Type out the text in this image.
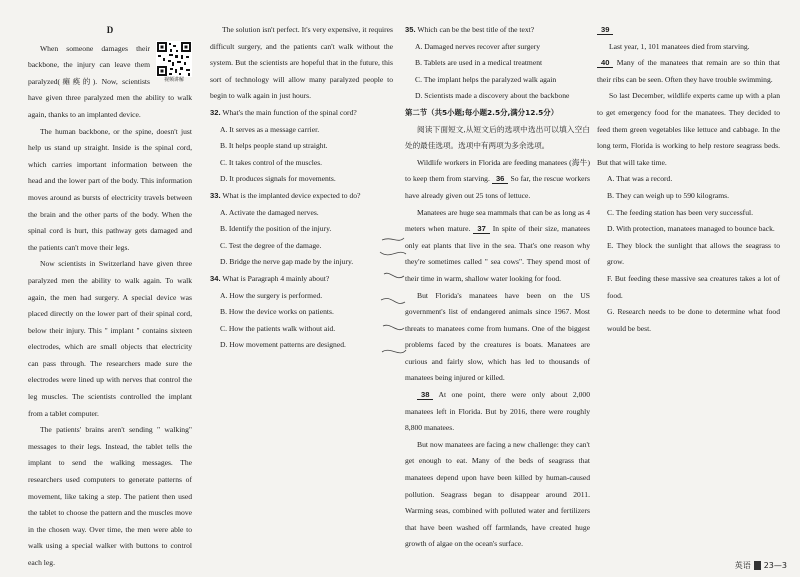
D
视频讲解

When someone damages their backbone, the injury can leave them paralyzed(瘫痪的). Now, scientists have given three paralyzed men the ability to walk again, thanks to an implanted device.

The human backbone, or the spine, doesn't just help us stand up straight. Inside is the spinal cord, which carries important information between the head and the lower part of the body. This information moves around as bursts of electricity travels between the brain and the other parts of the body. When the spinal cord is hurt, this pathway gets damaged and the patients can't move their legs.

Now scientists in Switzerland have given three paralyzed men the ability to walk again. To walk again, the men had surgery. A special device was placed directly on the lower part of their spinal cord, below their injury. This " implant " contains sixteen electrodes, which are small objects that electricity can pass through. The researchers made sure the electrodes were lined up with nerves that control the leg muscles. The scientists controlled the implant from a tablet computer.

The patients' brains aren't sending " walking" messages to their legs. Instead, the tablet tells the implant to send the walking messages. The researchers used computers to generate patterns of movement, like taking a step. The patient then used the tablet to choose the pattern and the muscles move in the chosen way. Over time, the men were able to walk using a special walker with buttons to control each leg.

The solution isn't perfect. It's very expensive, it requires difficult surgery, and the patients can't walk without the system. But the scientists are hopeful that in the future, this sort of technology will allow many paralyzed people to begin to walk again in just hours.

32. What's the main function of the spinal cord?

A. It serves as a message carrier.

B. It helps people stand up straight.

C. It takes control of the muscles.

D. It produces signals for movements.

33. What is the implanted device expected to do?

A. Activate the damaged nerves.

B. Identify the position of the injury.

C. Test the degree of the damage.

D. Bridge the nerve gap made by the injury.

34. What is Paragraph 4 mainly about?

A. How the surgery is performed.

B. How the device works on patients.

C. How the patients walk without aid.

D. How movement patterns are designed.

35. Which can be the best title of the text?

A. Damaged nerves recover after surgery

B. Tablets are used in a medical treatment

C. The implant helps the paralyzed walk again

D. Scientists made a discovery about the backbone

第二节（共5小题;每小题2.5分,满分12.5分）

阅读下面短文,从短文后的选项中选出可以填入空白处的最佳选项。选项中有两项为多余选项。

Wildlife workers in Florida are feeding manatees (海牛) to keep them from starving. 36 So far, the rescue workers have already given out 25 tons of lettuce.

Manatees are huge sea mammals that can be as long as 4 meters when mature. 37 In spite of their size, manatees only eat plants that live in the sea. That's one reason why they're sometimes called " sea cows". They spend most of their time in warm, shallow water looking for food.

But Florida's manatees have been on the US government's list of endangered animals since 1967. Most threats to manatees come from humans. One of the biggest problems faced by the creatures is boats. Manatees are curious and fairly slow, which has led to thousands of manatees being injured or killed.

38 At one point, there were only about 2,000 manatees left in Florida. But by 2016, there were roughly 8,800 manatees.

But now manatees are facing a new challenge: they can't get enough to eat. Many of the beds of seagrass that manatees depend upon have been killed by human-caused pollution. Seagrass began to disappear around 2011. Warming seas, combined with polluted water and fertilizers that have been washed off farmlands, have created huge growth of algae on the ocean's surface.

39

Last year, 1, 101 manatees died from starving.

40 Many of the manatees that remain are so thin that their ribs can be seen. Often they have trouble swimming.

So last December, wildlife experts came up with a plan to get emergency food for the manatees. They decided to feed them green vegetables like lettuce and cabbage. In the long term, Florida is working to help restore seagrass beds. But that will take time.

A. That was a record.

B. They can weigh up to 590 kilograms.

C. The feeding station has been very successful.

D. With protection, manatees managed to bounce back.

E. They block the sunlight that allows the seagrass to grow.

F. But feeding these massive sea creatures takes a lot of food.

G. Research needs to be done to determine what food would be best.

英语 23—3
